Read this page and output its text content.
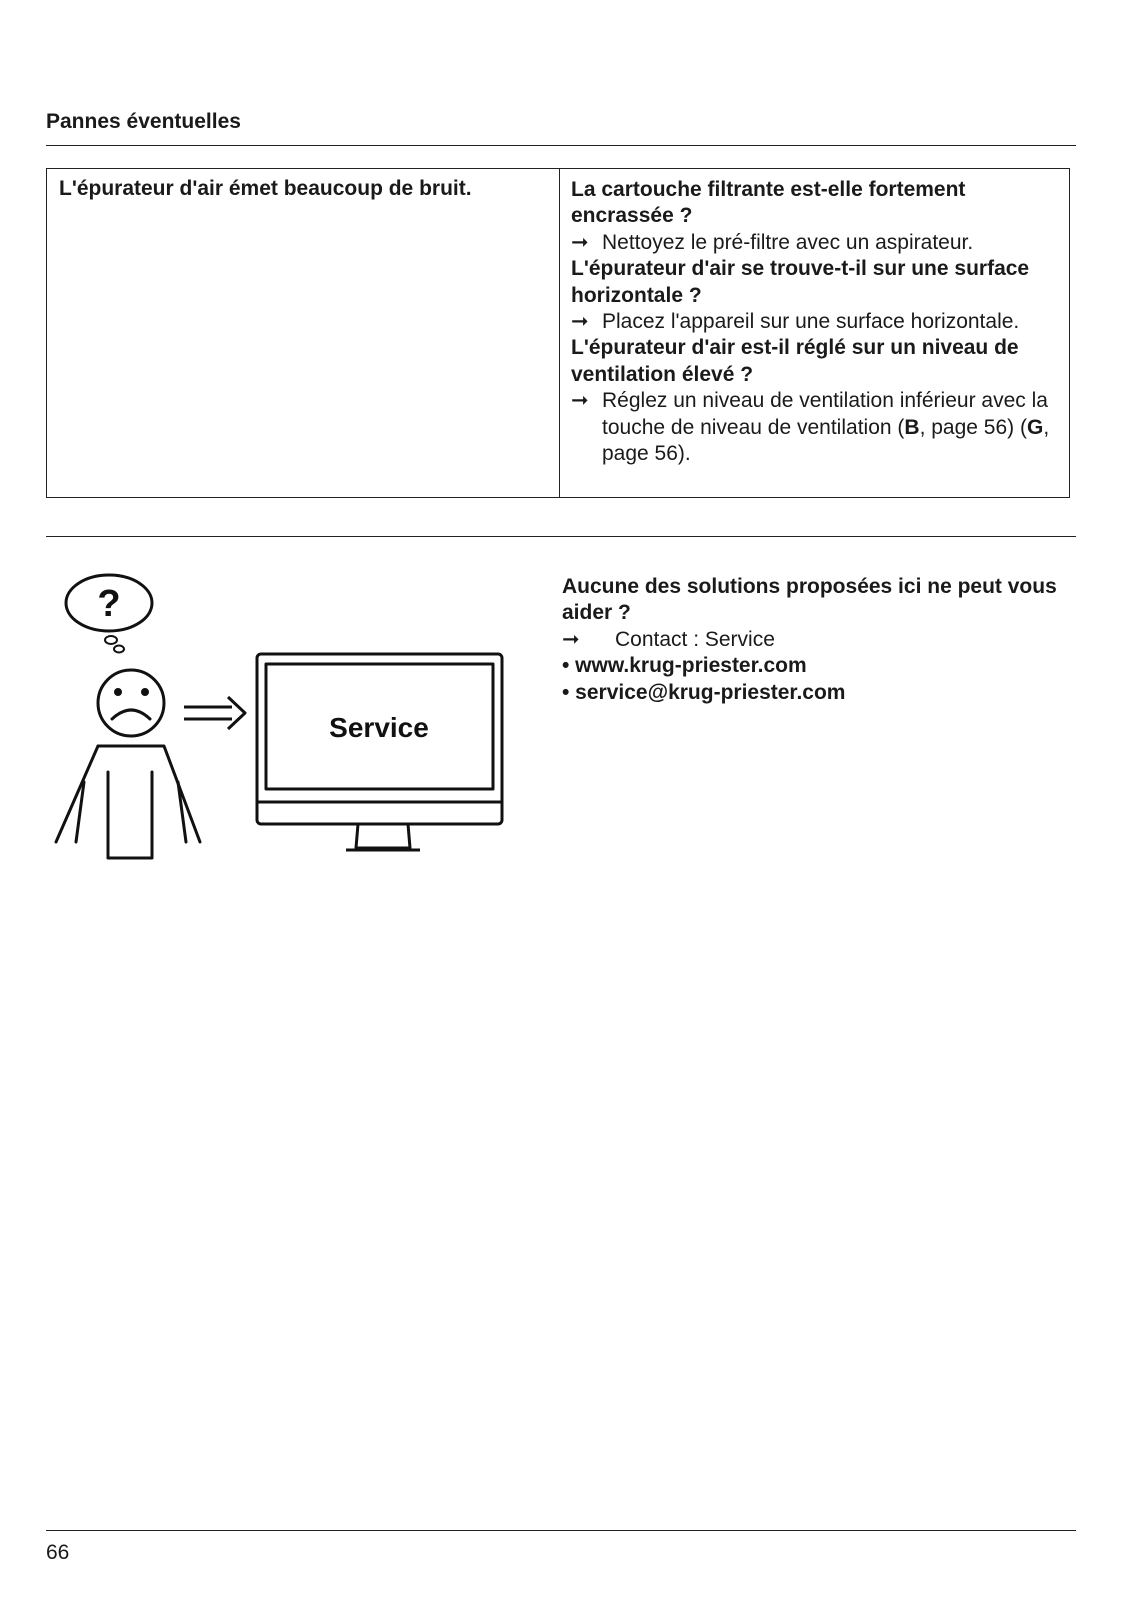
Pannes éventuelles
L'épurateur d'air émet beaucoup de bruit.	La cartouche filtrante est-elle fortement encrassée ?
➞ Nettoyez le pré-filtre avec un aspirateur.
L'épurateur d'air se trouve-t-il sur une surface horizontale ?
➞ Placez l'appareil sur une surface horizontale.
L'épurateur d'air est-il réglé sur un niveau de ventilation élevé ?
➞ Réglez un niveau de ventilation inférieur avec la touche de niveau de ventilation (B, page 56) (G, page 56).
?
Service
Aucune des solutions proposées ici ne peut vous aider ?
➞ Contact : Service
• www.krug-priester.com
• service@krug-priester.com
66
